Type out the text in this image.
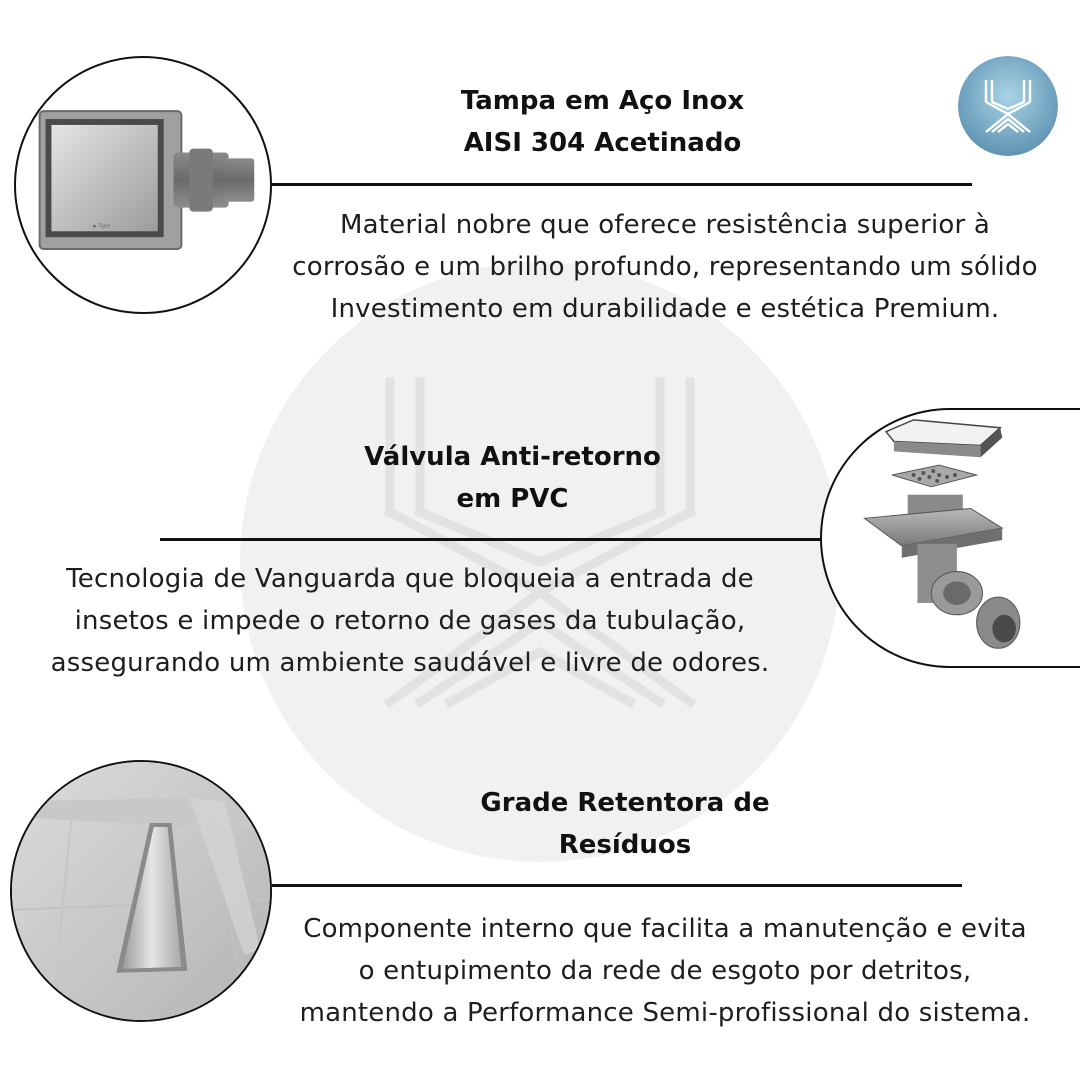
▪ Tigre
Tampa em Aço Inox
AISI 304 Acetinado

Material nobre que oferece resistência superior à
corrosão e um brilho profundo, representando um sólido
Investimento em durabilidade e estética Premium.

Válvula Anti-retorno
em PVC

Tecnologia de Vanguarda que bloqueia a entrada de
insetos e impede o retorno de gases da tubulação,
assegurando um ambiente saudável e livre de odores.

Grade Retentora de
Resíduos

Componente interno que facilita a manutenção e evita
o entupimento da rede de esgoto por detritos,
mantendo a Performance Semi-profissional do sistema.
